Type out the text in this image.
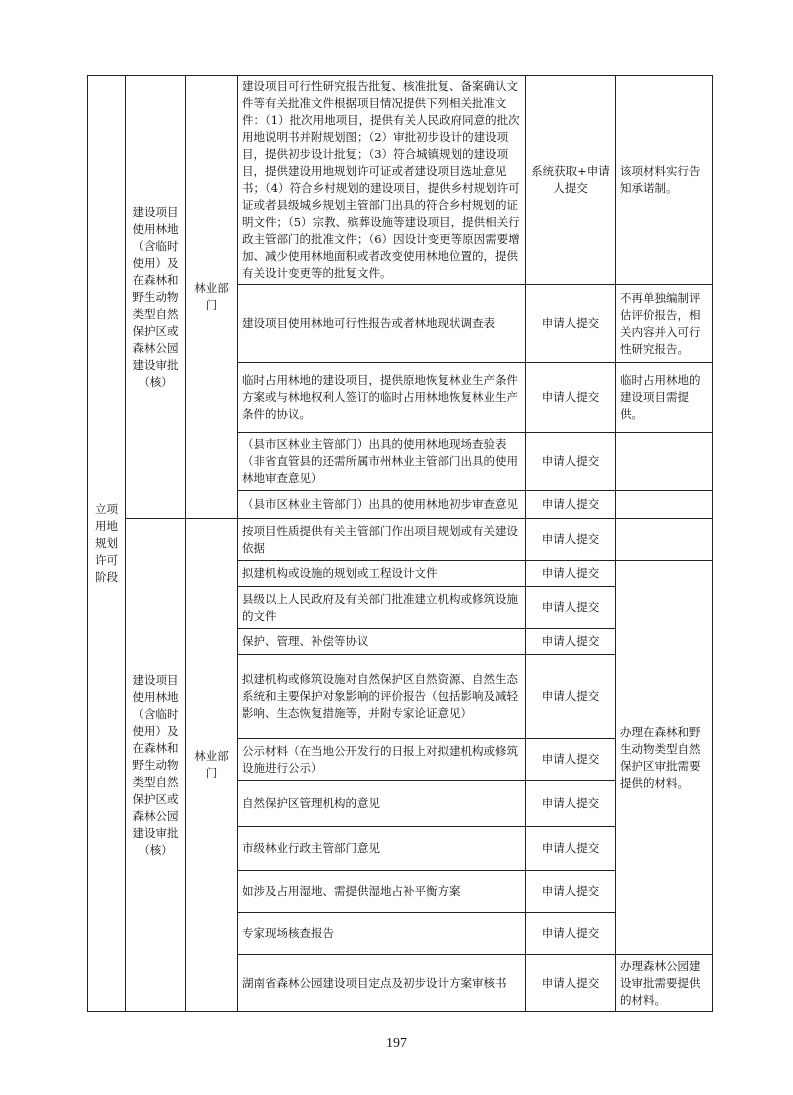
立项用地规划许可阶段	建设项目使用林地（含临时使用）及在森林和野生动物类型自然保护区或森林公园建设审批（核）	林业部门	建设项目可行性研究报告批复、核准批复、备案确认文件等有关批准文件根据项目情况提供下列相关批准文件：（1）批次用地项目，提供有关人民政府同意的批次用地说明书并附规划图；（2）审批初步设计的建设项目，提供初步设计批复；（3）符合城镇规划的建设项目，提供建设用地规划许可证或者建设项目选址意见书；（4）符合乡村规划的建设项目，提供乡村规划许可证或者县级城乡规划主管部门出具的符合乡村规划的证明文件；（5）宗教、殡葬设施等建设项目，提供相关行政主管部门的批准文件；（6）因设计变更等原因需要增加、减少使用林地面积或者改变使用林地位置的，提供有关设计变更等的批复文件。	系统获取+申请人提交	该项材料实行告知承诺制。
			建设项目使用林地可行性报告或者林地现状调查表	申请人提交	不再单独编制评估评价报告，相关内容并入可行性研究报告。
			临时占用林地的建设项目，提供原地恢复林业生产条件方案或与林地权利人签订的临时占用林地恢复林业生产条件的协议。	申请人提交	临时占用林地的建设项目需提供。
			（县市区林业主管部门）出具的使用林地现场查验表（非省直管县的还需所属市州林业主管部门出具的使用林地审查意见）	申请人提交	
			（县市区林业主管部门）出具的使用林地初步审查意见	申请人提交	
	建设项目使用林地（含临时使用）及在森林和野生动物类型自然保护区或森林公园建设审批（核）	林业部门	按项目性质提供有关主管部门作出项目规划或有关建设依据	申请人提交	
			拟建机构或设施的规划或工程设计文件	申请人提交	办理在森林和野生动物类型自然保护区审批需要提供的材料。
			县级以上人民政府及有关部门批准建立机构或修筑设施的文件	申请人提交	
			保护、管理、补偿等协议	申请人提交	
			拟建机构或修筑设施对自然保护区自然资源、自然生态系统和主要保护对象影响的评价报告（包括影响及减轻影响、生态恢复措施等，并附专家论证意见）	申请人提交	
			公示材料（在当地公开发行的日报上对拟建机构或修筑设施进行公示）	申请人提交	
			自然保护区管理机构的意见	申请人提交	
			市级林业行政主管部门意见	申请人提交	
			如涉及占用湿地、需提供湿地占补平衡方案	申请人提交	
			专家现场核查报告	申请人提交	
			湖南省森林公园建设项目定点及初步设计方案审核书	申请人提交	办理森林公园建设审批需要提供的材料。
197
